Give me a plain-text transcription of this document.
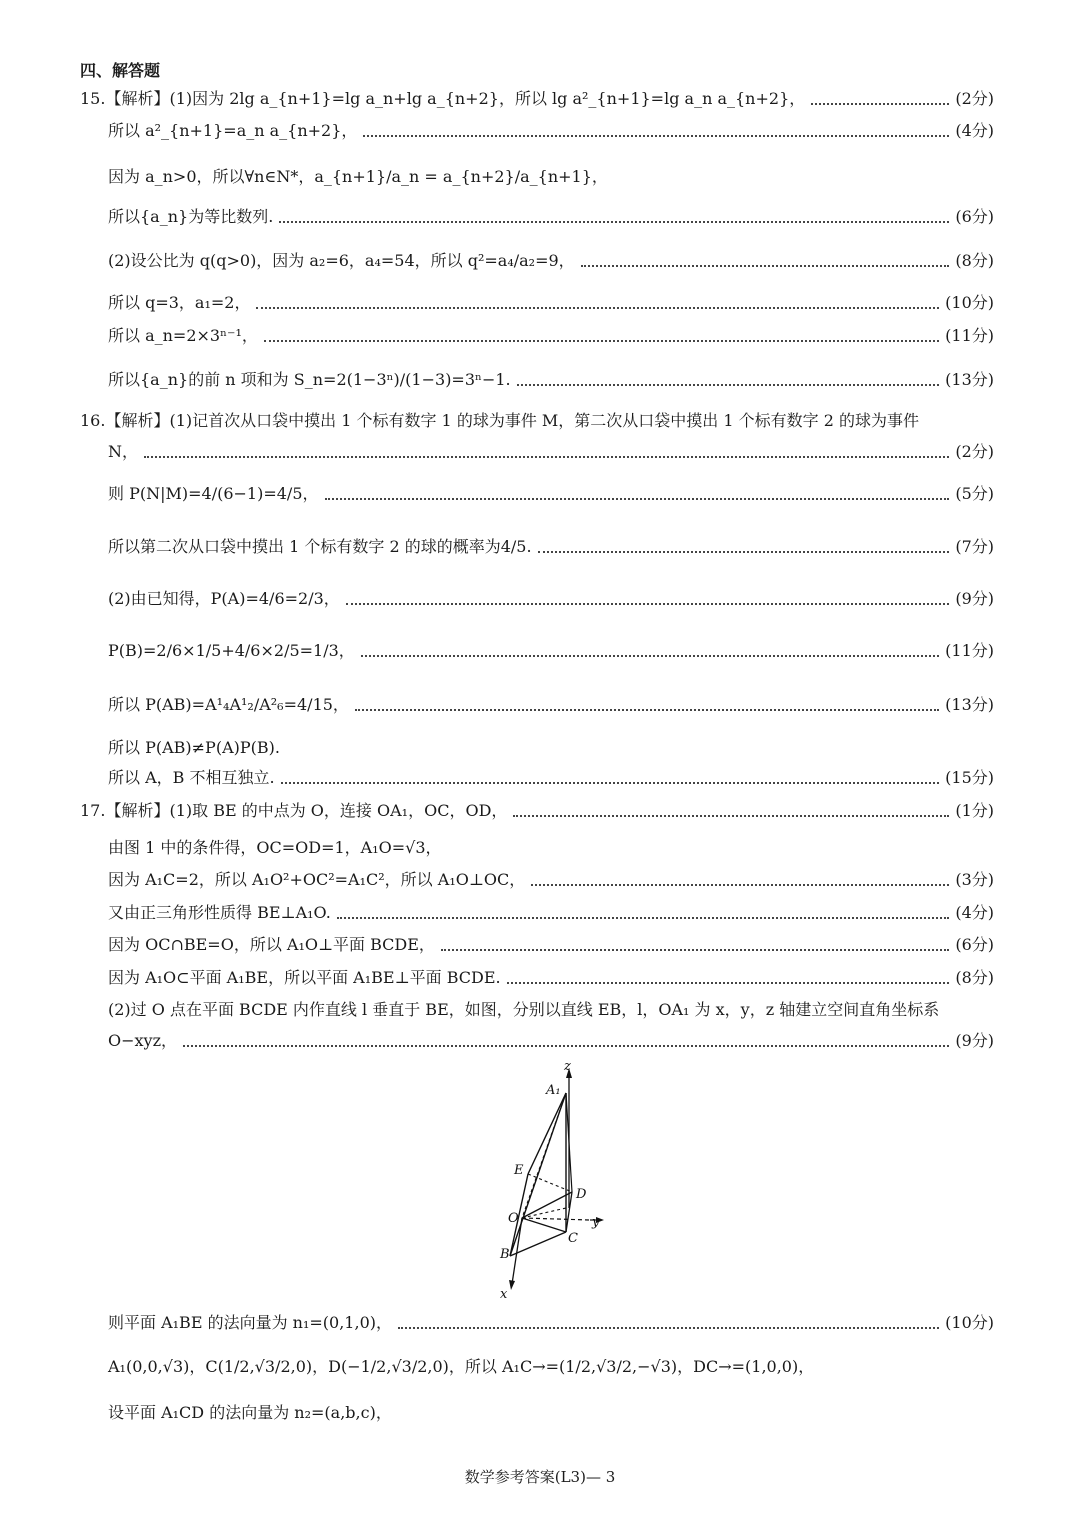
四、解答题
15.【解析】(1)因为 2lg a_{n+1}=lg a_n+lg a_{n+2}，所以 lg a²_{n+1}=lg a_n a_{n+2}，	(2分)
所以 a²_{n+1}=a_n a_{n+2}，	(4分)
因为 a_n>0，所以∀n∈N*，a_{n+1}/a_n = a_{n+2}/a_{n+1}，
所以{a_n}为等比数列.	(6分)
(2)设公比为 q(q>0)，因为 a₂=6，a₄=54，所以 q²=a₄/a₂=9，	(8分)
所以 q=3，a₁=2，	(10分)
所以 a_n=2×3ⁿ⁻¹，	(11分)
所以{a_n}的前 n 项和为 S_n=2(1−3ⁿ)/(1−3)=3ⁿ−1.	(13分)
16.【解析】(1)记首次从口袋中摸出 1 个标有数字 1 的球为事件 M，第二次从口袋中摸出 1 个标有数字 2 的球为事件
N，	(2分)
则 P(N|M)=4/(6−1)=4/5，	(5分)
所以第二次从口袋中摸出 1 个标有数字 2 的球的概率为4/5.	(7分)
(2)由已知得，P(A)=4/6=2/3，	(9分)
P(B)=2/6×1/5+4/6×2/5=1/3，	(11分)
所以 P(AB)=A¹₄A¹₂/A²₆=4/15，	(13分)
所以 P(AB)≠P(A)P(B).
所以 A，B 不相互独立.	(15分)
17.【解析】(1)取 BE 的中点为 O，连接 OA₁，OC，OD，	(1分)
由图 1 中的条件得，OC=OD=1，A₁O=√3，
因为 A₁C=2，所以 A₁O²+OC²=A₁C²，所以 A₁O⊥OC，	(3分)
又由正三角形性质得 BE⊥A₁O.	(4分)
因为 OC∩BE=O，所以 A₁O⊥平面 BCDE，	(6分)
因为 A₁O⊂平面 A₁BE，所以平面 A₁BE⊥平面 BCDE.	(8分)
(2)过 O 点在平面 BCDE 内作直线 l 垂直于 BE，如图，分别以直线 EB，l，OA₁ 为 x，y，z 轴建立空间直角坐标系
O−xyz，	(9分)
z
A₁
E
D
O	y
C
B
x
则平面 A₁BE 的法向量为 n₁=(0,1,0)，	(10分)
A₁(0,0,√3)，C(1/2,√3/2,0)，D(−1/2,√3/2,0)，所以 A₁C→=(1/2,√3/2,−√3)，DC→=(1,0,0)，
设平面 A₁CD 的法向量为 n₂=(a,b,c)，
数学参考答案(L3)— 3
